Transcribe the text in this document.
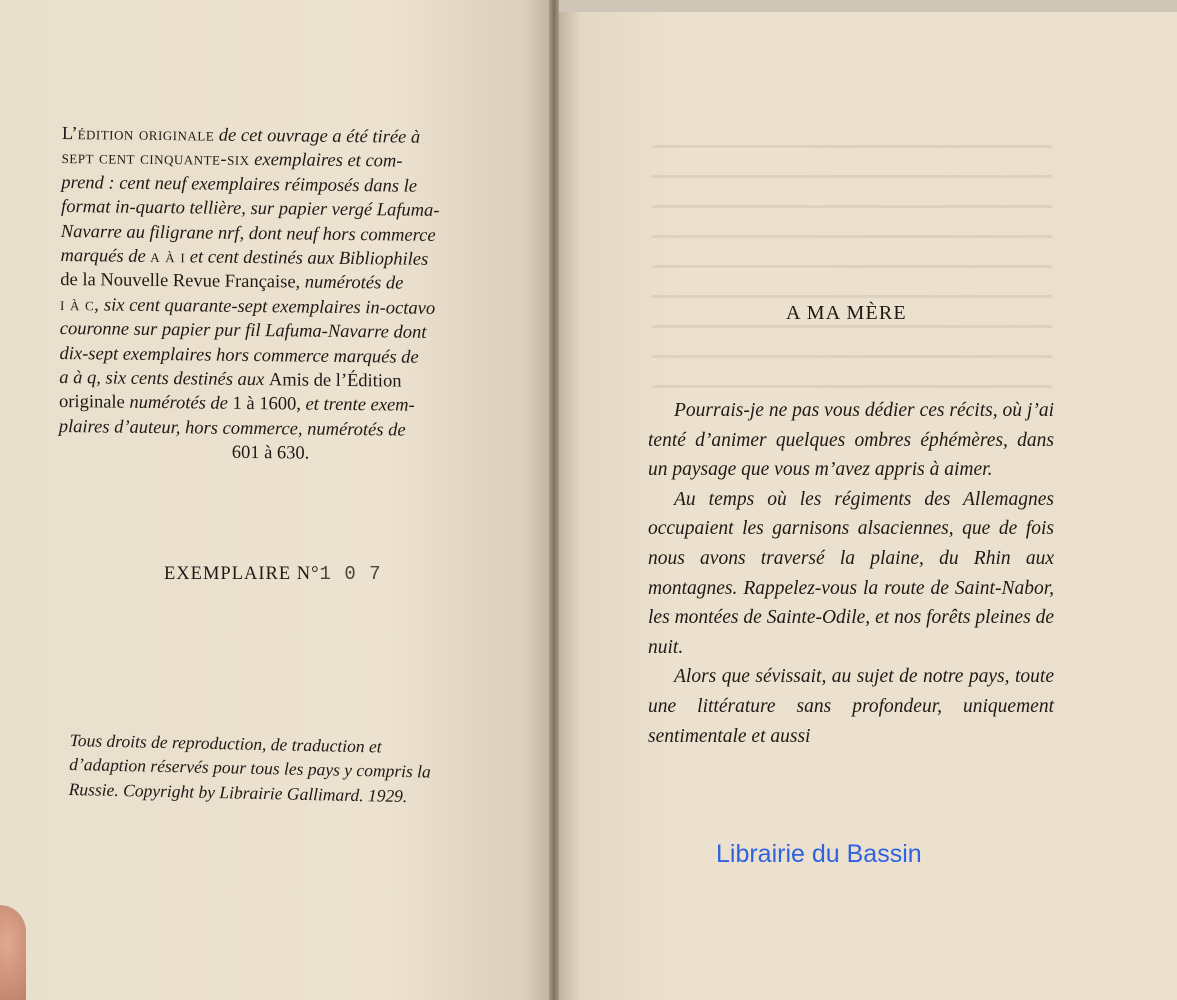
L’édition originale de cet ouvrage a été tirée à

sept cent cinquante-six exemplaires et com-

prend : cent neuf exemplaires réimposés dans le

format in-quarto tellière, sur papier vergé Lafuma-

Navarre au filigrane nrf, dont neuf hors commerce

marqués de a à i et cent destinés aux Bibliophiles

de la Nouvelle Revue Française, numérotés de

i à c, six cent quarante-sept exemplaires in-octavo

couronne sur papier pur fil Lafuma-Navarre dont

dix-sept exemplaires hors commerce marqués de

a à q, six cents destinés aux Amis de l’Édition

originale numérotés de 1 à 1600, et trente exem-

plaires d’auteur, hors commerce, numérotés de

601 à 630.

EXEMPLAIRE N°1 0 7

Tous droits de reproduction, de traduction et

d’adaption réservés pour tous les pays y compris la

Russie. Copyright by Librairie Gallimard. 1929.

A MA MÈRE

Pourrais-je ne pas vous dédier ces récits, où j’ai tenté d’animer quelques ombres éphémères, dans un paysage que vous m’avez appris à aimer.

Au temps où les régiments des Allemagnes occupaient les garnisons alsaciennes, que de fois nous avons traversé la plaine, du Rhin aux montagnes. Rappelez-vous la route de Saint-Nabor, les montées de Sainte-Odile, et nos forêts pleines de nuit.

Alors que sévissait, au sujet de notre pays, toute une littérature sans profondeur, uniquement sentimentale et aussi

Librairie du Bassin
